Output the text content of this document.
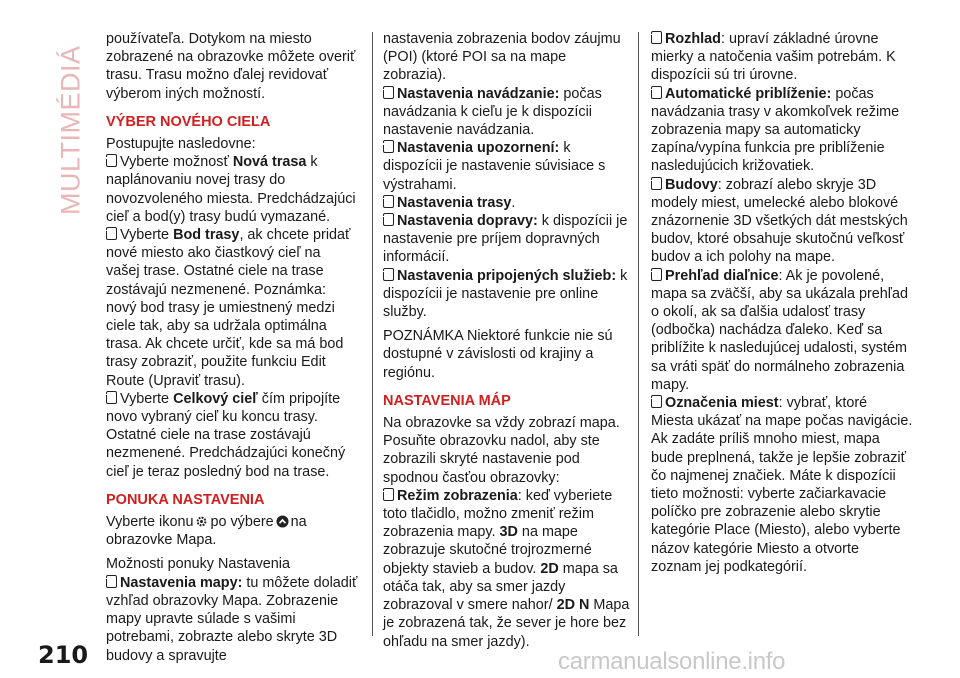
MULTIMÉDIÁ
210	carmanualsonline.info

používateľa. Dotykom na miesto zobrazené na obrazovke môžete overiť trasu. Trasu možno ďalej revidovať výberom iných možností.

VÝBER NOVÉHO CIEĽA

Postupujte nasledovne:

Vyberte možnosť Nová trasa k naplánovaniu novej trasy do novozvoleného miesta. Predchádzajúci cieľ a bod(y) trasy budú vymazané.

Vyberte Bod trasy, ak chcete pridať nové miesto ako čiastkový cieľ na vašej trase. Ostatné ciele na trase zostávajú nezmenené. Poznámka: nový bod trasy je umiestnený medzi ciele tak, aby sa udržala optimálna trasa. Ak chcete určiť, kde sa má bod trasy zobraziť, použite funkciu Edit Route (Upraviť trasu).

Vyberte Celkový cieľ čím pripojíte novo vybraný cieľ ku koncu trasy. Ostatné ciele na trase zostávajú nezmenené. Predchádzajúci konečný cieľ je teraz posledný bod na trase.

PONUKA NASTAVENIA

Vyberte ikonu po výbere na obrazovke Mapa.

Možnosti ponuky Nastavenia

Nastavenia mapy: tu môžete doladiť vzhľad obrazovky Mapa. Zobrazenie mapy upravte súlade s vašimi potrebami, zobrazte alebo skryte 3D budovy a spravujte

nastavenia zobrazenia bodov záujmu (POI) (ktoré POI sa na mape zobrazia).

Nastavenia navádzanie: počas navádzania k cieľu je k dispozícii nastavenie navádzania.

Nastavenia upozornení: k dispozícii je nastavenie súvisiace s výstrahami.

Nastavenia trasy.

Nastavenia dopravy: k dispozícii je nastavenie pre príjem dopravných informácií.

Nastavenia pripojených služieb: k dispozícii je nastavenie pre online služby.

POZNÁMKA Niektoré funkcie nie sú dostupné v závislosti od krajiny a regiónu.

NASTAVENIA MÁP

Na obrazovke sa vždy zobrazí mapa. Posuňte obrazovku nadol, aby ste zobrazili skryté nastavenie pod spodnou časťou obrazovky:

Režim zobrazenia: keď vyberiete toto tlačidlo, možno zmeniť režim zobrazenia mapy. 3D na mape zobrazuje skutočné trojrozmerné objekty stavieb a budov. 2D mapa sa otáča tak, aby sa smer jazdy zobrazoval v smere nahor/ 2D N Mapa je zobrazená tak, že sever je hore bez ohľadu na smer jazdy).

Rozhlad: upraví základné úrovne mierky a natočenia vašim potrebám. K dispozícii sú tri úrovne.

Automatické priblíženie: počas navádzania trasy v akomkoľvek režime zobrazenia mapy sa automaticky zapína/vypína funkcia pre priblíženie nasledujúcich križovatiek.

Budovy: zobrazí alebo skryje 3D modely miest, umelecké alebo blokové znázornenie 3D všetkých dát mestských budov, ktoré obsahuje skutočnú veľkosť budov a ich polohy na mape.

Prehľad diaľnice: Ak je povolené, mapa sa zväčší, aby sa ukázala prehľad o okolí, ak sa ďalšia udalosť trasy (odbočka) nachádza ďaleko. Keď sa priblížite k nasledujúcej udalosti, systém sa vráti späť do normálneho zobrazenia mapy.

Označenia miest: vybrať, ktoré Miesta ukázať na mape počas navigácie. Ak zadáte príliš mnoho miest, mapa bude preplnená, takže je lepšie zobraziť čo najmenej značiek. Máte k dispozícii tieto možnosti: vyberte začiarkavacie políčko pre zobrazenie alebo skrytie kategórie Place (Miesto), alebo vyberte názov kategórie Miesto a otvorte zoznam jej podkategórií.
